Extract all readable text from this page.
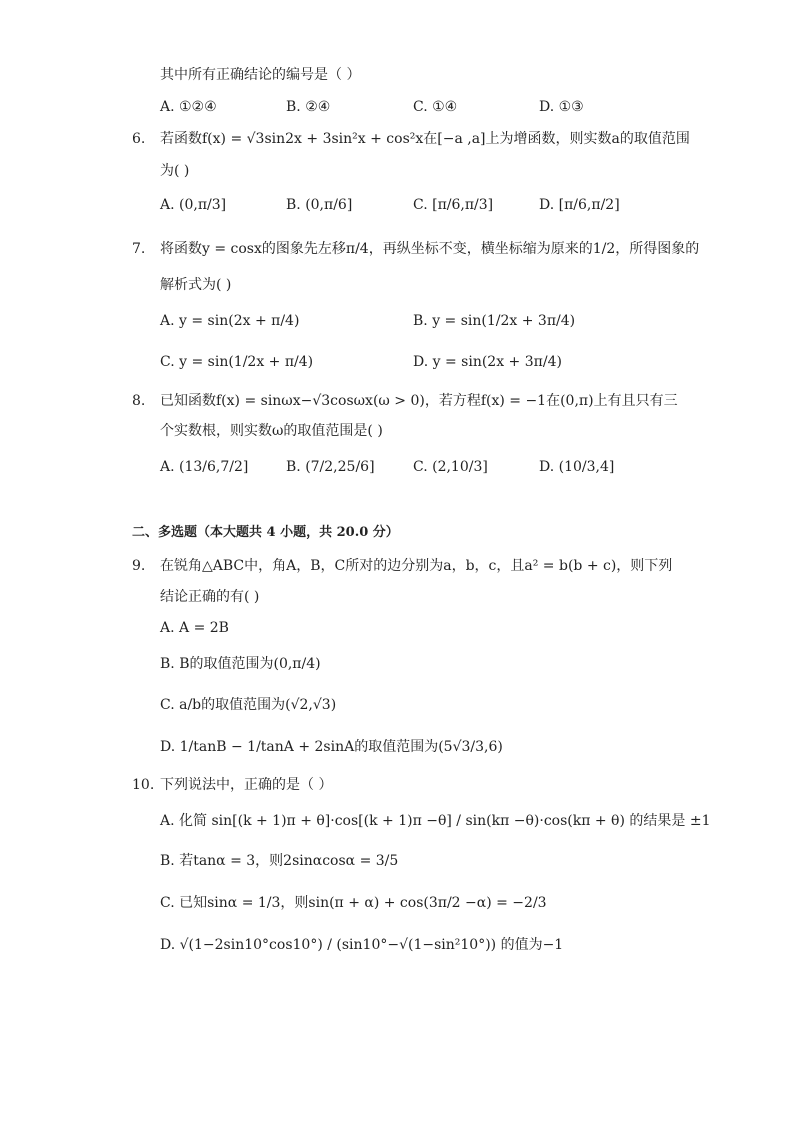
其中所有正确结论的编号是（ ）
A. ①②④	B. ②④	C. ①④	D. ①③
6. 若函数f(x) = √3sin2x + 3sin²x + cos²x在[−a ,a]上为增函数，则实数a的取值范围
为( )
A. (0,π/3]	B. (0,π/6]	C. [π/6,π/3]	D. [π/6,π/2]
7. 将函数y = cosx的图象先左移π/4，再纵坐标不变，横坐标缩为原来的1/2，所得图象的
解析式为( )
A. y = sin(2x + π/4)	B. y = sin(1/2x + 3π/4)
C. y = sin(1/2x + π/4)	D. y = sin(2x + 3π/4)
8. 已知函数f(x) = sinωx−√3cosωx(ω > 0)，若方程f(x) = −1在(0,π)上有且只有三
个实数根，则实数ω的取值范围是( )
A. (13/6,7/2]	B. (7/2,25/6]	C. (2,10/3]	D. (10/3,4]
二、多选题（本大题共 4 小题，共 20.0 分）
9. 在锐角△ABC中，角A，B，C所对的边分别为a，b，c，且a² = b(b + c)，则下列
结论正确的有( )
A. A = 2B
B. B的取值范围为(0,π/4)
C. a/b的取值范围为(√2,√3)
D. 1/tanB − 1/tanA + 2sinA的取值范围为(5√3/3,6)
10. 下列说法中，正确的是（ ）
A. 化简 sin[(k + 1)π + θ]·cos[(k + 1)π −θ] / sin(kπ −θ)·cos(kπ + θ) 的结果是 ±1
B. 若tanα = 3，则2sinαcosα = 3/5
C. 已知sinα = 1/3，则sin(π + α) + cos(3π/2 −α) = −2/3
D. √(1−2sin10°cos10°) / (sin10°−√(1−sin²10°)) 的值为−1
